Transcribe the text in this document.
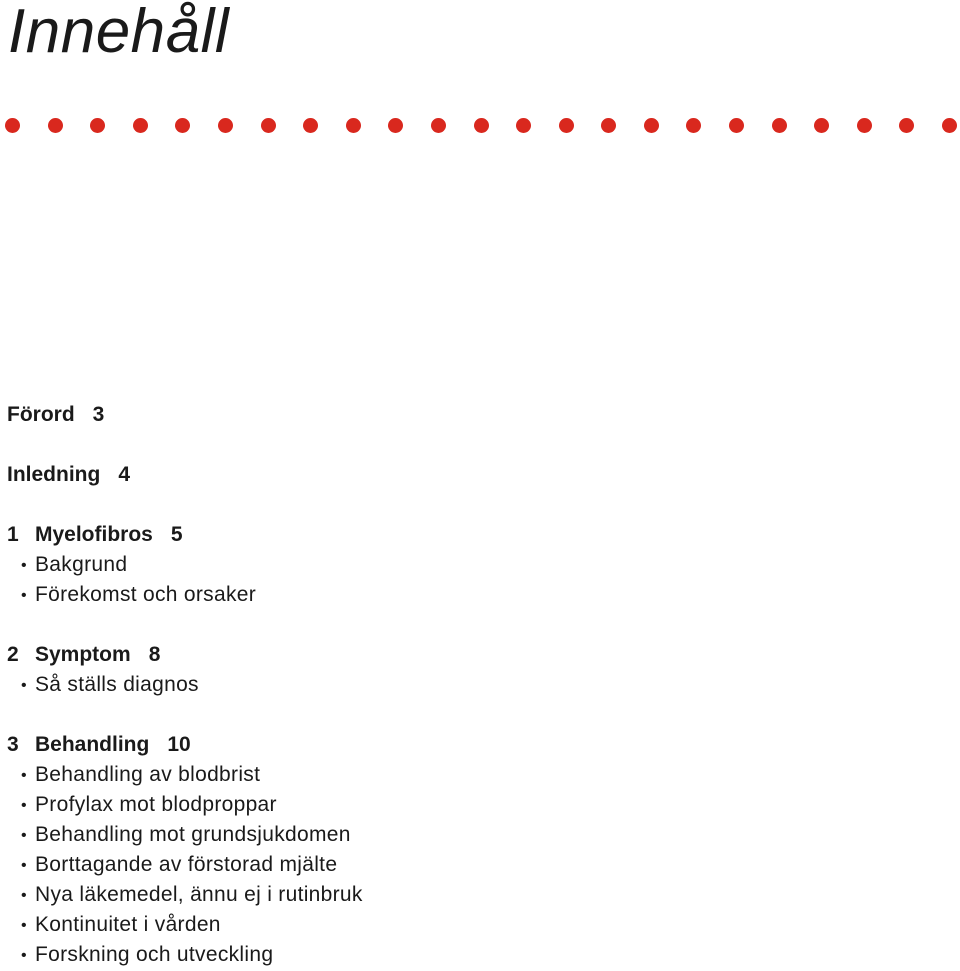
Innehåll
Förord 3
Inledning 4
1 Myelofibros 5
• Bakgrund
• Förekomst och orsaker
2 Symptom 8
• Så ställs diagnos
3 Behandling 10
• Behandling av blodbrist
• Profylax mot blodproppar
• Behandling mot grundsjukdomen
• Borttagande av förstorad mjälte
• Nya läkemedel, ännu ej i rutinbruk
• Kontinuitet i vården
• Forskning och utveckling
